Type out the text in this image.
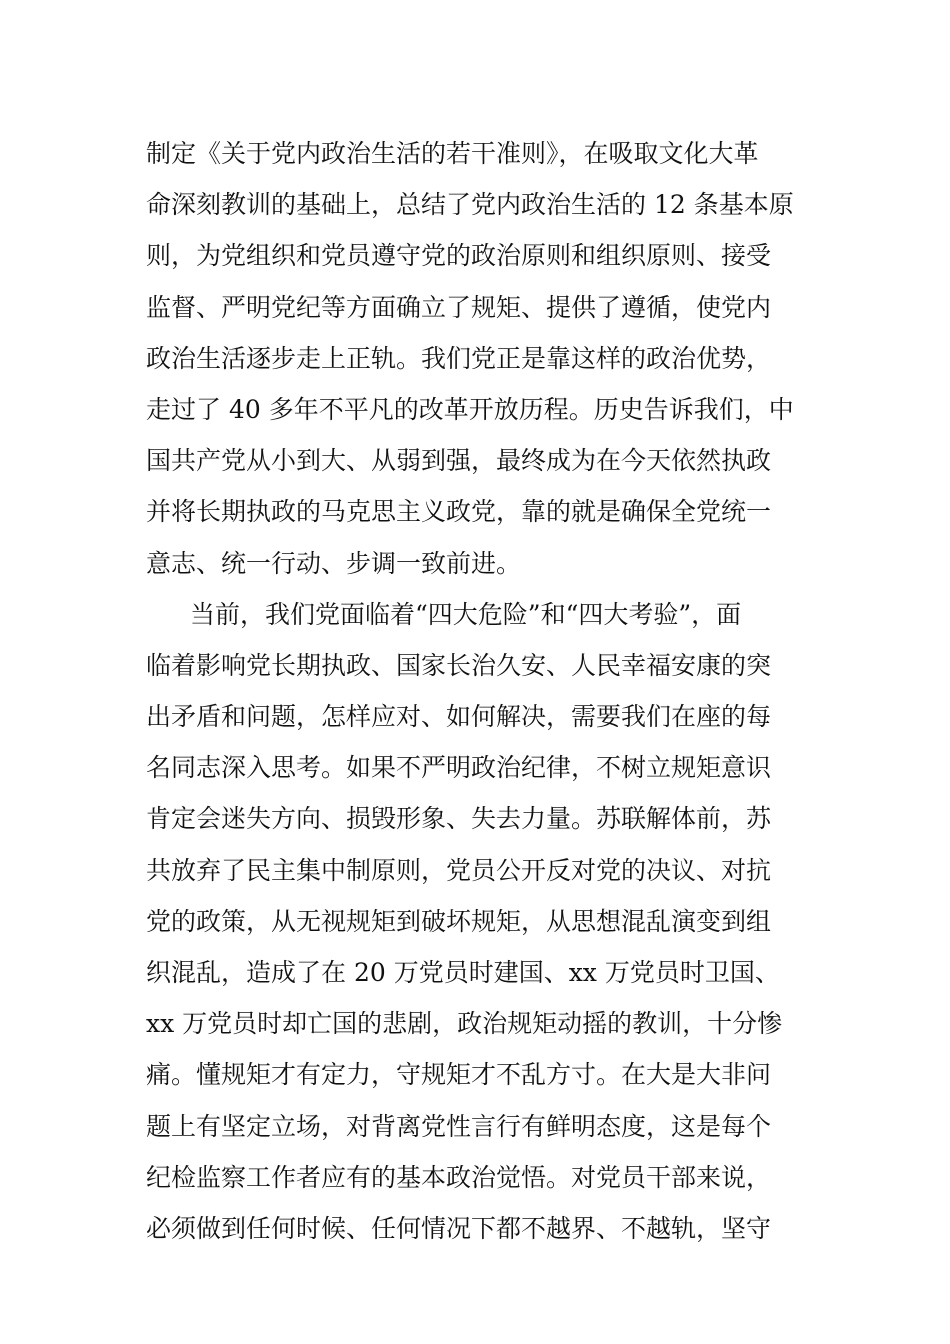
制定《关于党内政治生活的若干准则》，在吸取文化大革
命深刻教训的基础上，总结了党内政治生活的 12 条基本原
则，为党组织和党员遵守党的政治原则和组织原则、接受
监督、严明党纪等方面确立了规矩、提供了遵循，使党内
政治生活逐步走上正轨。我们党正是靠这样的政治优势，
走过了 40 多年不平凡的改革开放历程。历史告诉我们，中
国共产党从小到大、从弱到强，最终成为在今天依然执政
并将长期执政的马克思主义政党，靠的就是确保全党统一
意志、统一行动、步调一致前进。
当前，我们党面临着“四大危险”和“四大考验”，面
临着影响党长期执政、国家长治久安、人民幸福安康的突
出矛盾和问题，怎样应对、如何解决，需要我们在座的每
名同志深入思考。如果不严明政治纪律，不树立规矩意识
肯定会迷失方向、损毁形象、失去力量。苏联解体前，苏
共放弃了民主集中制原则，党员公开反对党的决议、对抗
党的政策，从无视规矩到破坏规矩，从思想混乱演变到组
织混乱，造成了在 20 万党员时建国、xx 万党员时卫国、
xx 万党员时却亡国的悲剧，政治规矩动摇的教训，十分惨
痛。懂规矩才有定力，守规矩才不乱方寸。在大是大非问
题上有坚定立场，对背离党性言行有鲜明态度，这是每个
纪检监察工作者应有的基本政治觉悟。对党员干部来说，
必须做到任何时候、任何情况下都不越界、不越轨，坚守
